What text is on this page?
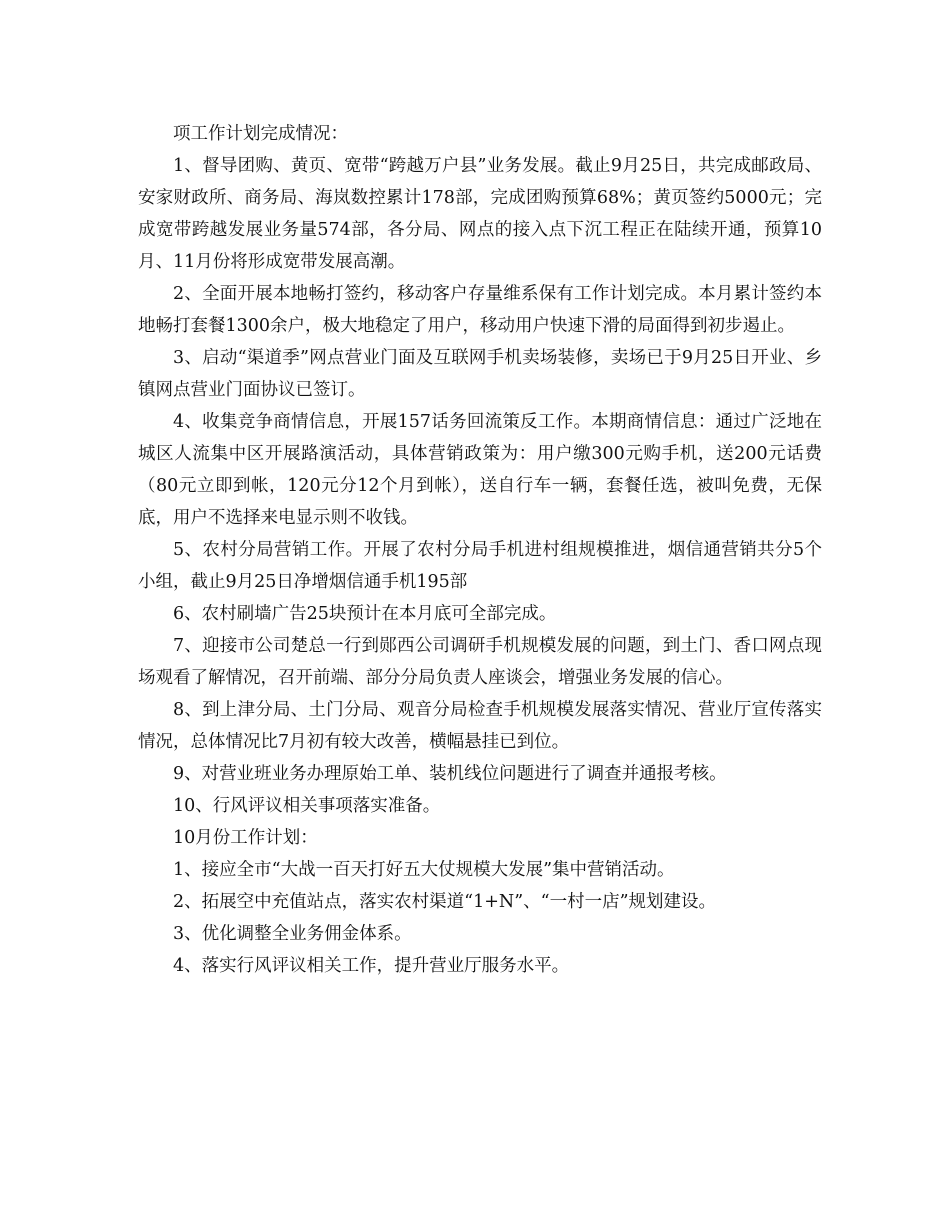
项工作计划完成情况：

1、督导团购、黄页、宽带“跨越万户县”业务发展。截止9月25日，共完成邮政局、安家财政所、商务局、海岚数控累计178部，完成团购预算68%；黄页签约5000元；完成宽带跨越发展业务量574部，各分局、网点的接入点下沉工程正在陆续开通，预算10月、11月份将形成宽带发展高潮。

2、全面开展本地畅打签约，移动客户存量维系保有工作计划完成。本月累计签约本地畅打套餐1300余户，极大地稳定了用户，移动用户快速下滑的局面得到初步遏止。

3、启动“渠道季”网点营业门面及互联网手机卖场装修，卖场已于9月25日开业、乡镇网点营业门面协议已签订。

4、收集竞争商情信息，开展157话务回流策反工作。本期商情信息：通过广泛地在城区人流集中区开展路演活动，具体营销政策为：用户缴300元购手机，送200元话费（80元立即到帐，120元分12个月到帐），送自行车一辆，套餐任选，被叫免费，无保底，用户不选择来电显示则不收钱。

5、农村分局营销工作。开展了农村分局手机进村组规模推进，烟信通营销共分5个小组，截止9月25日净增烟信通手机195部

6、农村刷墙广告25块预计在本月底可全部完成。

7、迎接市公司楚总一行到郧西公司调研手机规模发展的问题，到土门、香口网点现场观看了解情况，召开前端、部分分局负责人座谈会，增强业务发展的信心。

8、到上津分局、土门分局、观音分局检查手机规模发展落实情况、营业厅宣传落实情况，总体情况比7月初有较大改善，横幅悬挂已到位。

9、对营业班业务办理原始工单、装机线位问题进行了调查并通报考核。

10、行风评议相关事项落实准备。

10月份工作计划：

1、接应全市“大战一百天打好五大仗规模大发展”集中营销活动。

2、拓展空中充值站点，落实农村渠道“1+N”、“一村一店”规划建设。

3、优化调整全业务佣金体系。

4、落实行风评议相关工作，提升营业厅服务水平。
